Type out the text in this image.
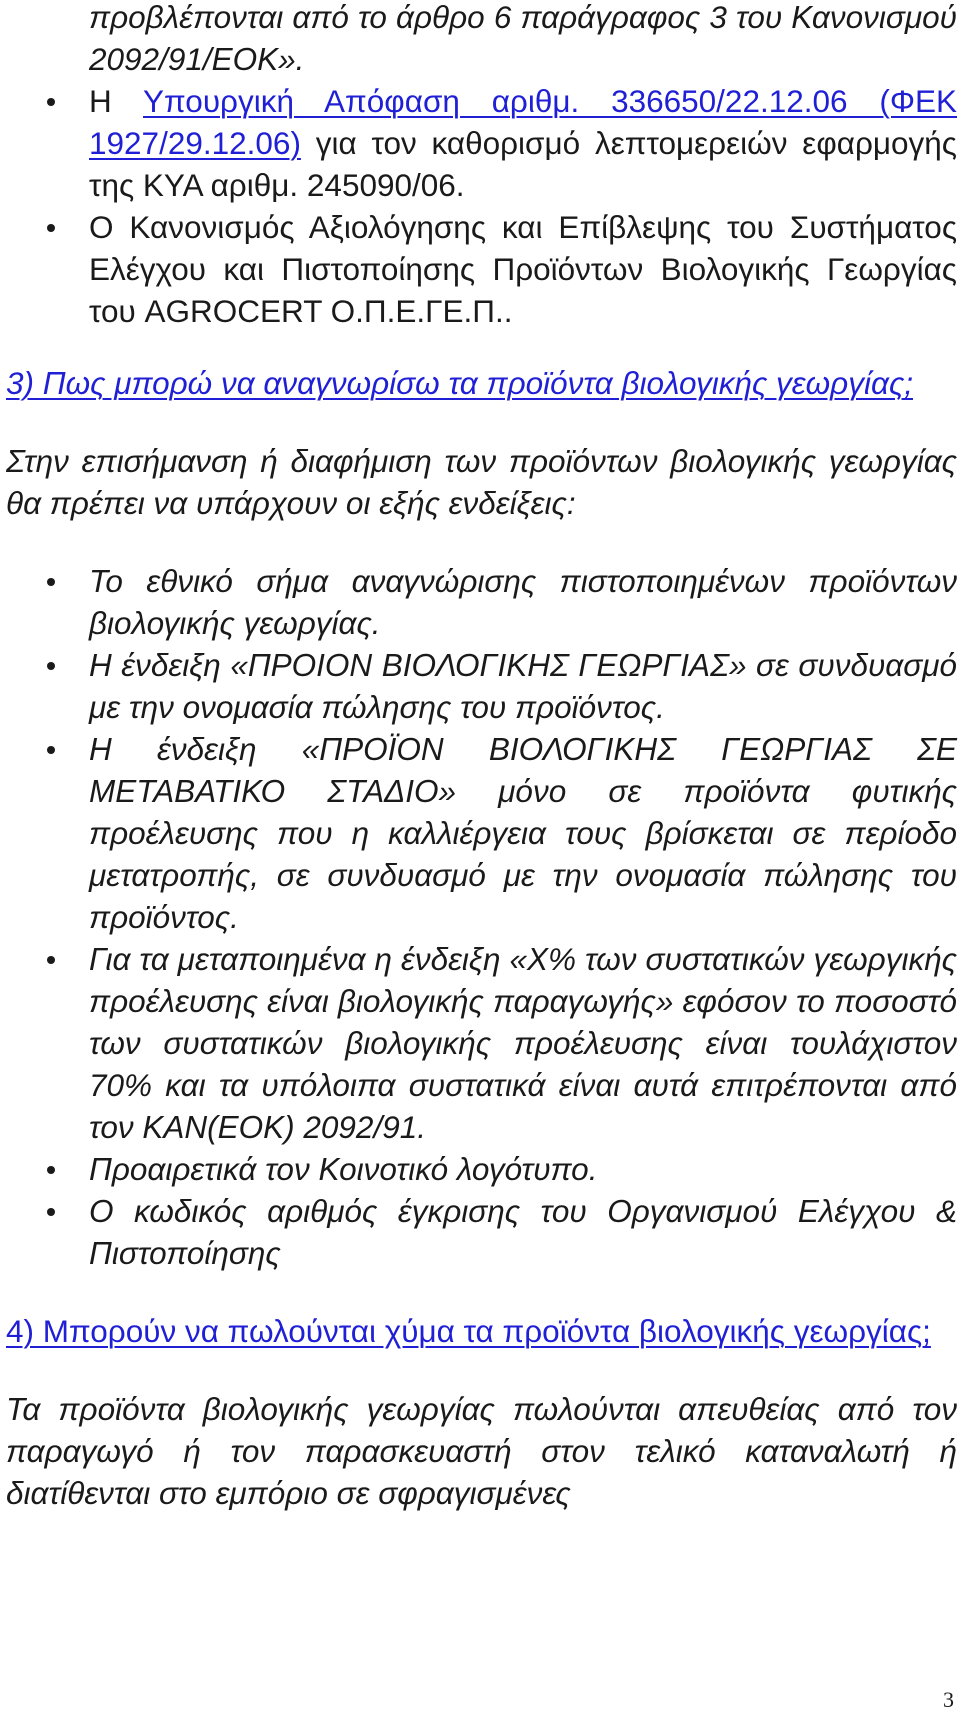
προβλέπονται από το άρθρο 6 παράγραφος 3 του Κανονισμού 2092/91/ΕΟΚ».
Η Υπουργική Απόφαση αριθμ. 336650/22.12.06 (ΦΕΚ 1927/29.12.06) για τον καθορισμό λεπτομερειών εφαρμογής της ΚΥΑ αριθμ. 245090/06.
Ο Κανονισμός Αξιολόγησης και Επίβλεψης του Συστήματος Ελέγχου και Πιστοποίησης Προϊόντων Βιολογικής Γεωργίας του AGROCERT Ο.Π.Ε.ΓΕ.Π..

3) Πως μπορώ να αναγνωρίσω τα προϊόντα βιολογικής γεωργίας;

Στην επισήμανση ή διαφήμιση των προϊόντων βιολογικής γεωργίας θα πρέπει να υπάρχουν οι εξής ενδείξεις:

Το εθνικό σήμα αναγνώρισης πιστοποιημένων προϊόντων βιολογικής γεωργίας.
Η ένδειξη «ΠΡΟΙΟΝ ΒΙΟΛΟΓΙΚΗΣ ΓΕΩΡΓΙΑΣ» σε συνδυασμό με την ονομασία πώλησης του προϊόντος.
Η ένδειξη «ΠΡΟΪΟΝ ΒΙΟΛΟΓΙΚΗΣ ΓΕΩΡΓΙΑΣ ΣΕ ΜΕΤΑΒΑΤΙΚΟ ΣΤΑΔΙΟ» μόνο σε προϊόντα φυτικής προέλευσης που η καλλιέργεια τους βρίσκεται σε περίοδο μετατροπής, σε συνδυασμό με την ονομασία πώλησης του προϊόντος.
Για τα μεταποιημένα η ένδειξη «Χ% των συστατικών γεωργικής προέλευσης είναι βιολογικής παραγωγής» εφόσον το ποσοστό των συστατικών βιολογικής προέλευσης είναι τουλάχιστον 70% και τα υπόλοιπα συστατικά είναι αυτά επιτρέπονται από τον ΚΑΝ(ΕΟΚ) 2092/91.
Προαιρετικά τον Κοινοτικό λογότυπο.
Ο κωδικός αριθμός έγκρισης του Οργανισμού Ελέγχου & Πιστοποίησης

4) Μπορούν να πωλούνται χύμα τα προϊόντα βιολογικής γεωργίας;

Τα προϊόντα βιολογικής γεωργίας πωλούνται απευθείας από τον παραγωγό ή τον παρασκευαστή στον τελικό καταναλωτή ή διατίθενται στο εμπόριο σε σφραγισμένες

3
